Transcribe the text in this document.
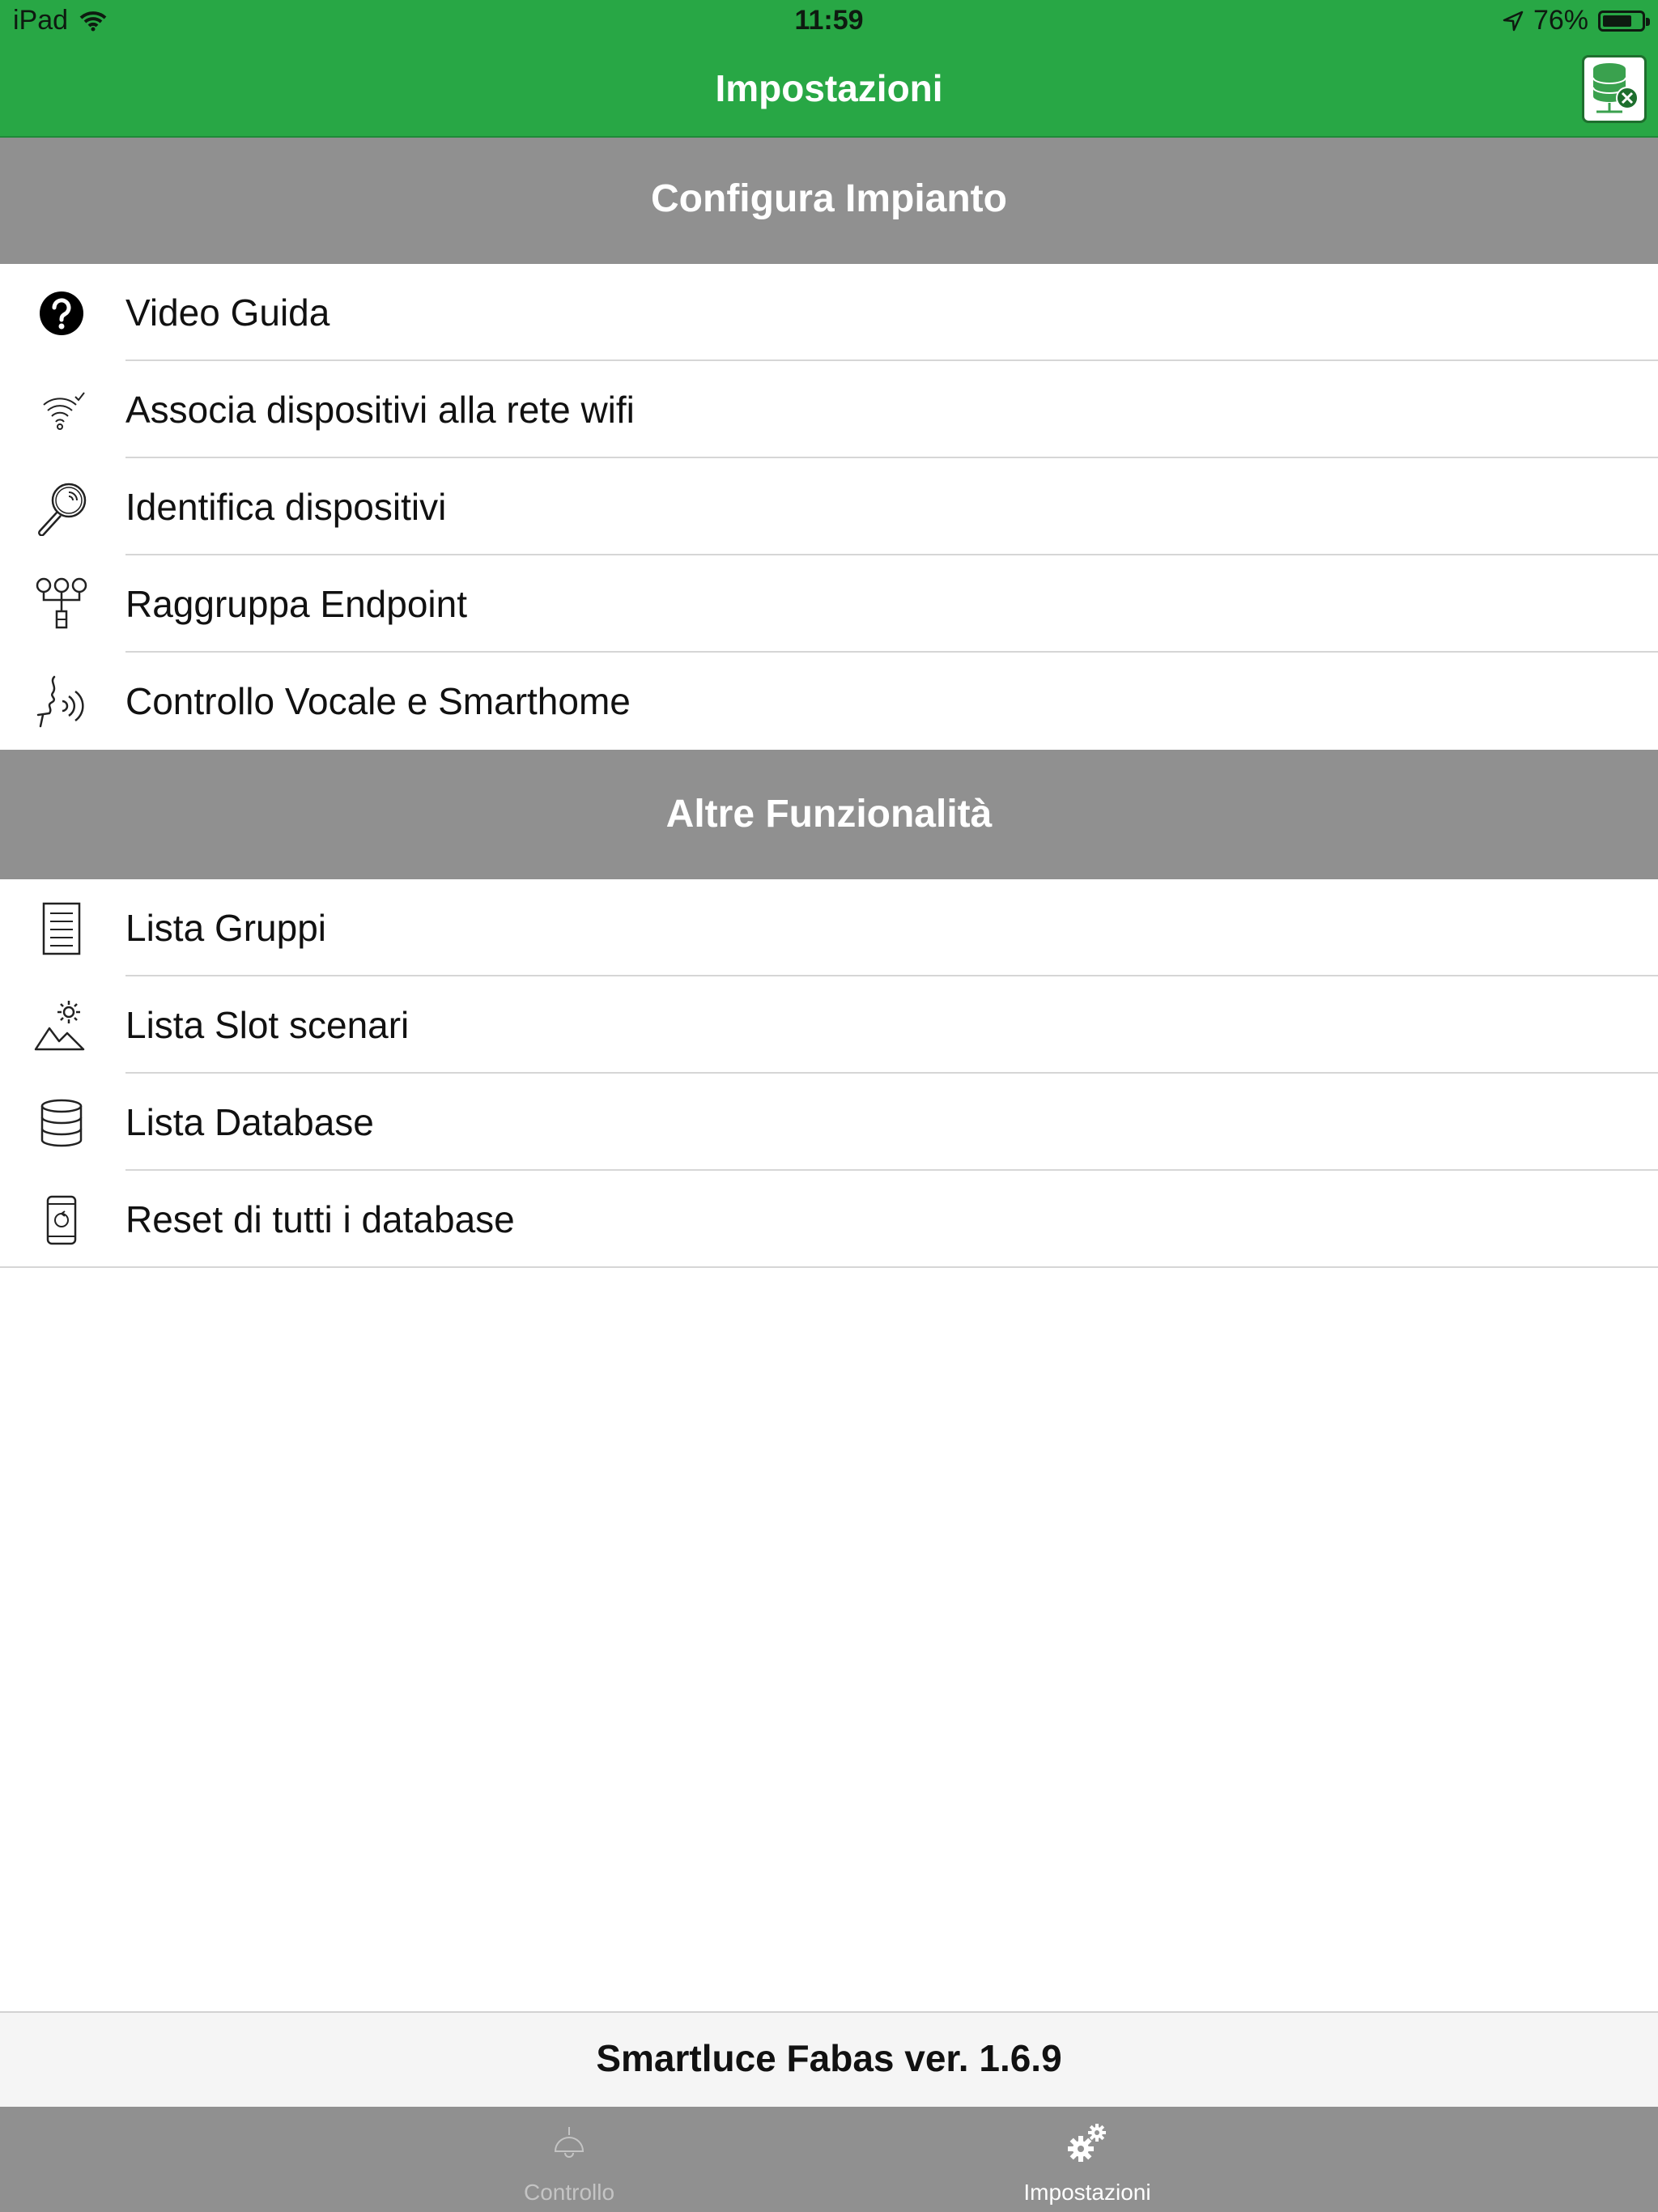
iPad	11:59	76%
Impostazioni
Configura Impianto
Video Guida
Associa dispositivi alla rete wifi
Identifica dispositivi
Raggruppa Endpoint
Controllo Vocale e Smarthome
Altre Funzionalità
Lista Gruppi
Lista Slot scenari
Lista Database
Reset di tutti i database
Smartluce Fabas ver. 1.6.9
Controllo	Impostazioni
